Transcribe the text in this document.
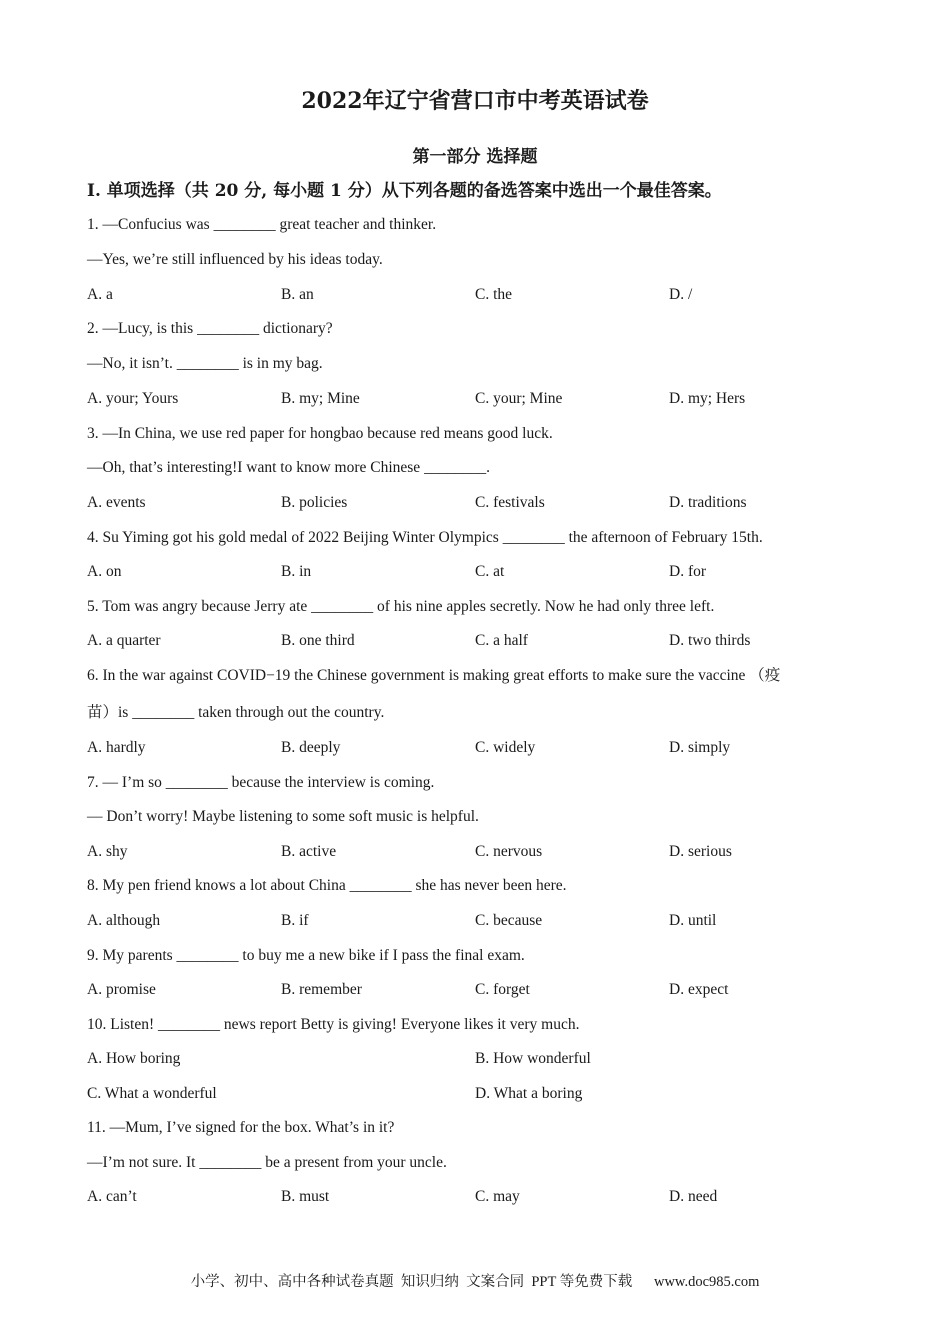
2022年辽宁省营口市中考英语试卷
第一部分 选择题
I. 单项选择（共 20 分, 每小题 1 分）从下列各题的备选答案中选出一个最佳答案。
1. —Confucius was ________ great teacher and thinker.
—Yes, we’re still influenced by his ideas today.
A. a	B. an	C. the	D. /
2. —Lucy, is this ________ dictionary?
—No, it isn’t. ________ is in my bag.
A. your; Yours	B. my; Mine	C. your; Mine	D. my; Hers
3. —In China, we use red paper for hongbao because red means good luck.
—Oh, that’s interesting!I want to know more Chinese ________.
A. events	B. policies	C. festivals	D. traditions
4. Su Yiming got his gold medal of 2022 Beijing Winter Olympics ________ the afternoon of February 15th.
A. on	B. in	C. at	D. for
5. Tom was angry because Jerry ate ________ of his nine apples secretly. Now he had only three left.
A. a quarter	B. one third	C. a half	D. two thirds
6. In the war against COVID−19 the Chinese government is making great efforts to make sure the vaccine （疫
苗）is ________ taken through out the country.
A. hardly	B. deeply	C. widely	D. simply
7. — I’m so ________ because the interview is coming.
— Don’t worry! Maybe listening to some soft music is helpful.
A. shy	B. active	C. nervous	D. serious
8. My pen friend knows a lot about China ________ she has never been here.
A. although	B. if	C. because	D. until
9. My parents ________ to buy me a new bike if I pass the final exam.
A. promise	B. remember	C. forget	D. expect
10. Listen! ________ news report Betty is giving! Everyone likes it very much.
A. How boring	B. How wonderful
C. What a wonderful	D. What a boring
11. —Mum, I’ve signed for the box. What’s in it?
—I’m not sure. It ________ be a present from your uncle.
A. can’t	B. must	C. may	D. need
小学、初中、高中各种试卷真题  知识归纳  文案合同  PPT 等免费下载      www.doc985.com
